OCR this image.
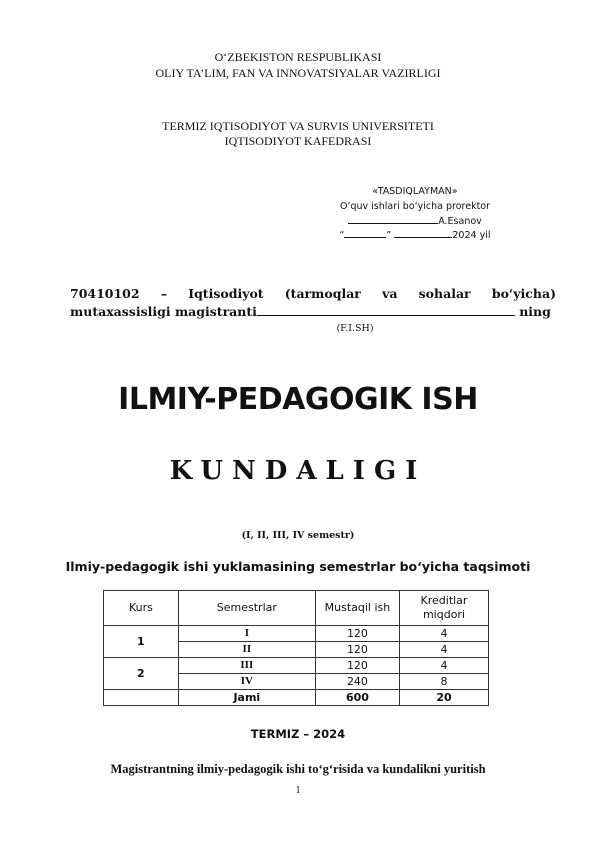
O‘ZBEKISTON RESPUBLIKASI
OLIY TA’LIM, FAN VA INNOVATSIYALAR VAZIRLIGI
TERMIZ IQTISODIYOT VA SURVIS UNIVERSITETI
IQTISODIYOT KAFEDRASI
«TASDIQLAYMAN»
O‘quv ishlari bo‘yicha prorektor
A.Esanov
“	”	2024 yil
70410102 – Iqtisodiyot (tarmoqlar va sohalar bo‘yicha)
mutaxassisligi magistranti	ning
(F.I.SH)
ILMIY-PEDAGOGIK ISH
KUNDALIGI
(I, II, III, IV semestr)
Ilmiy-pedagogik ishi yuklamasining semestrlar bo‘yicha taqsimoti
Kurs	Semestrlar	Mustaqil ish	Kreditlar miqdori
1	I	120	4
	II	120	4
2	III	120	4
	IV	240	8
	Jami	600	20
TERMIZ – 2024
Magistrantning ilmiy-pedagogik ishi to‘g‘risida va kundalikni yuritish
1
